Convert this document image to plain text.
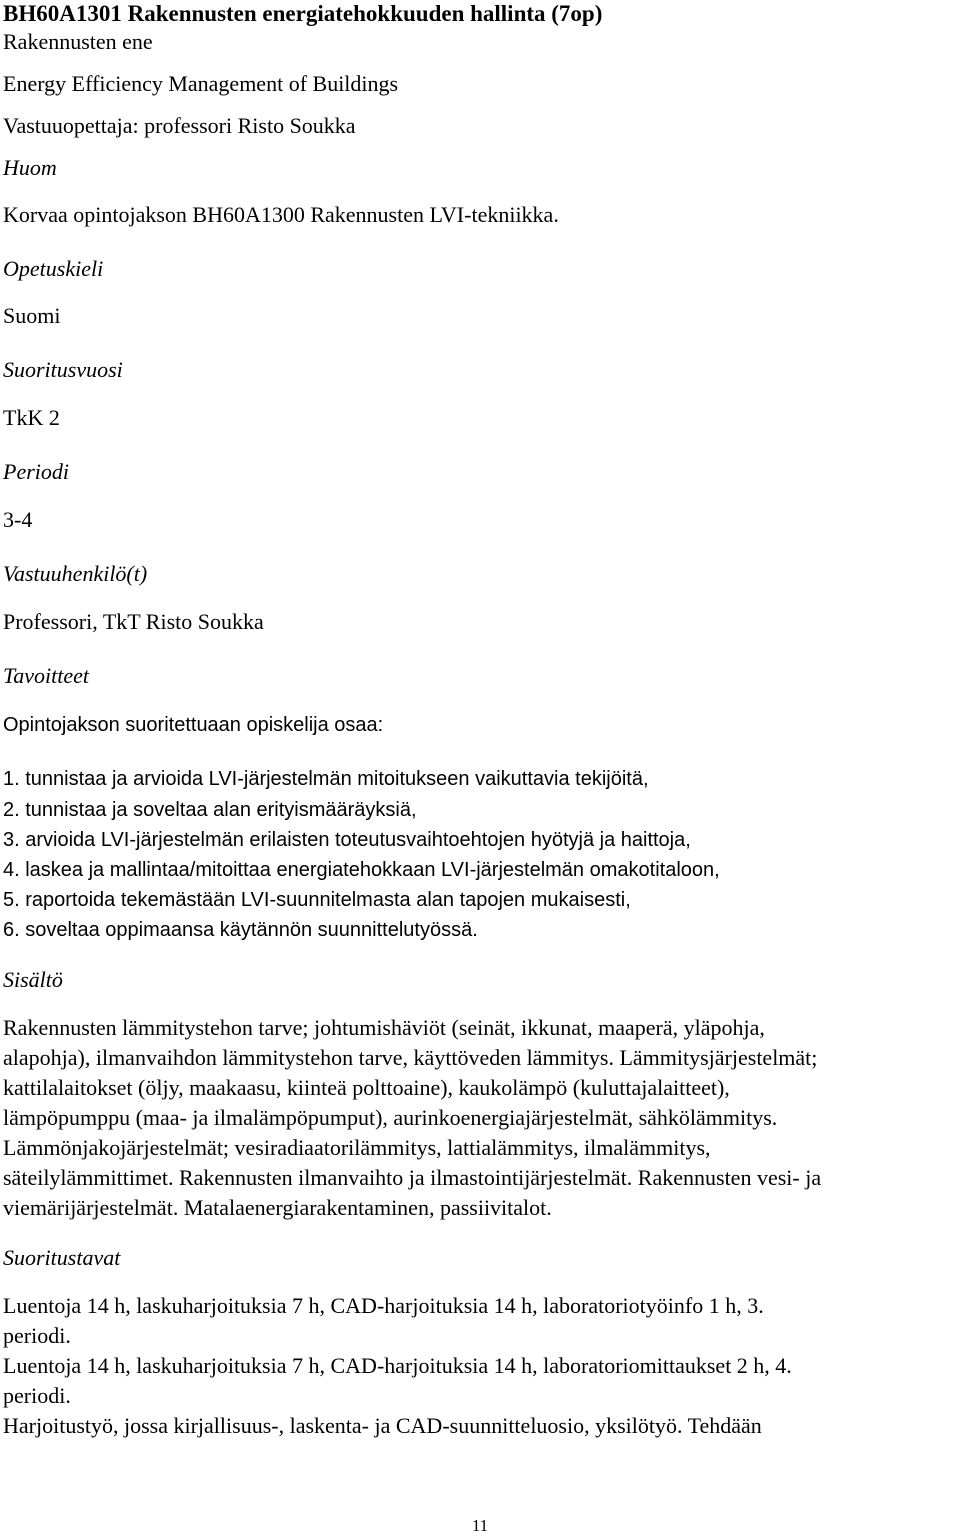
BH60A1301 Rakennusten energiatehokkuuden hallinta (7op)
Rakennusten ene
Energy Efficiency Management of Buildings
Vastuuopettaja: professori Risto Soukka
Huom
Korvaa opintojakson BH60A1300 Rakennusten LVI-tekniikka.
Opetuskieli
Suomi
Suoritusvuosi
TkK 2
Periodi
3-4
Vastuuhenkilö(t)
Professori, TkT Risto Soukka
Tavoitteet
Opintojakson suoritettuaan opiskelija osaa:
1. tunnistaa ja arvioida LVI-järjestelmän mitoitukseen vaikuttavia tekijöitä,
2. tunnistaa ja soveltaa alan erityismääräyksiä,
3. arvioida LVI-järjestelmän erilaisten toteutusvaihtoehtojen hyötyjä ja haittoja,
4. laskea ja mallintaa/mitoittaa energiatehokkaan LVI-järjestelmän omakotitaloon,
5. raportoida tekemästään LVI-suunnitelmasta alan tapojen mukaisesti,
6. soveltaa oppimaansa käytännön suunnittelutyössä.
Sisältö
Rakennusten lämmitystehon tarve; johtumishäviöt (seinät, ikkunat, maaperä, yläpohja,
alapohja), ilmanvaihdon lämmitystehon tarve, käyttöveden lämmitys. Lämmitysjärjestelmät;
kattilalaitokset (öljy, maakaasu, kiinteä polttoaine), kaukolämpö (kuluttajalaitteet),
lämpöpumppu (maa- ja ilmalämpöpumput), aurinkoenergiajärjestelmät, sähkölämmitys.
Lämmönjakojärjestelmät; vesiradiaatorilämmitys, lattialämmitys, ilmalämmitys,
säteilylämmittimet. Rakennusten ilmanvaihto ja ilmastointijärjestelmät. Rakennusten vesi- ja
viemärijärjestelmät. Matalaenergiarakentaminen, passiivitalot.
Suoritustavat
Luentoja 14 h, laskuharjoituksia 7 h, CAD-harjoituksia 14 h, laboratoriotyöinfo 1 h, 3.
periodi.
Luentoja 14 h, laskuharjoituksia 7 h, CAD-harjoituksia 14 h, laboratoriomittaukset 2 h, 4.
periodi.
Harjoitustyö, jossa kirjallisuus-, laskenta- ja CAD-suunnitteluosio, yksilötyö. Tehdään
11
